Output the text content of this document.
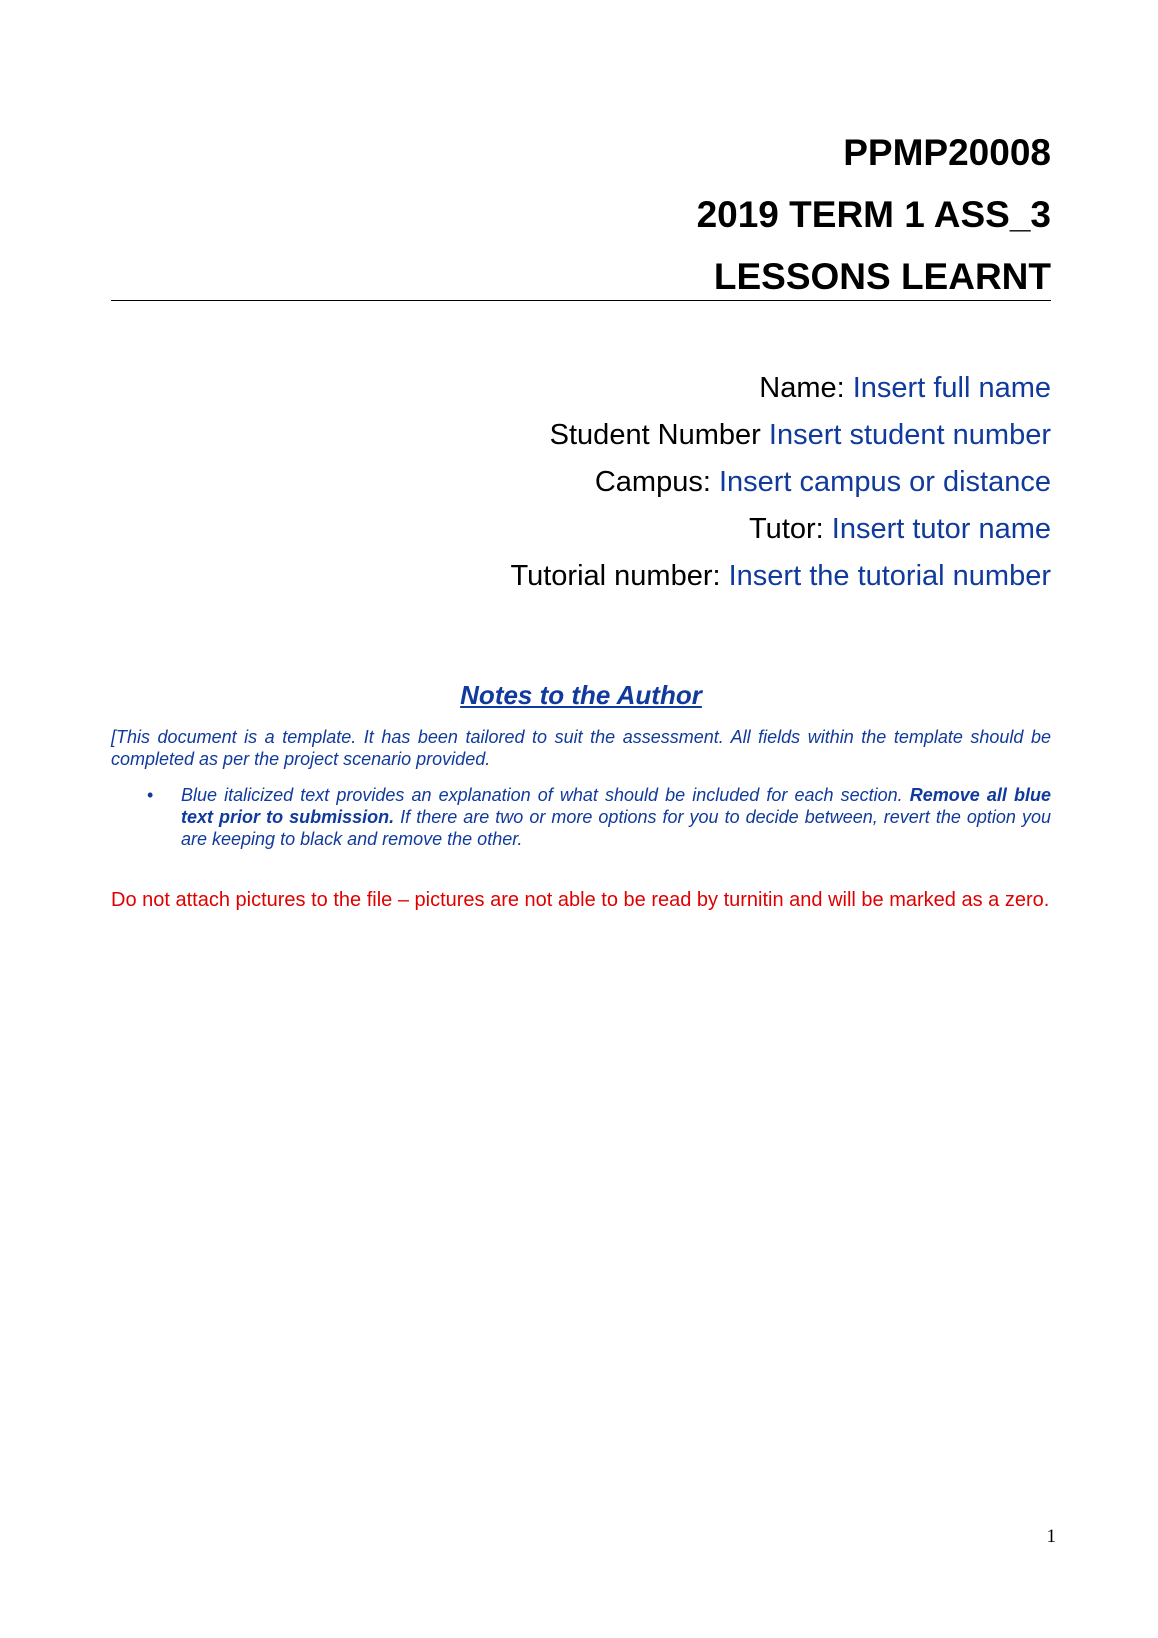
PPMP20008

2019 TERM 1 ASS_3

LESSONS LEARNT

Name: Insert full name

Student Number Insert student number

Campus: Insert campus or distance

Tutor: Insert tutor name

Tutorial number: Insert the tutorial number

Notes to the Author

[This document is a template. It has been tailored to suit the assessment. All fields within the template should be completed as per the project scenario provided.

• Blue italicized text provides an explanation of what should be included for each section. Remove all blue text prior to submission. If there are two or more options for you to decide between, revert the option you are keeping to black and remove the other.

Do not attach pictures to the file – pictures are not able to be read by turnitin and will be marked as a zero.

1
